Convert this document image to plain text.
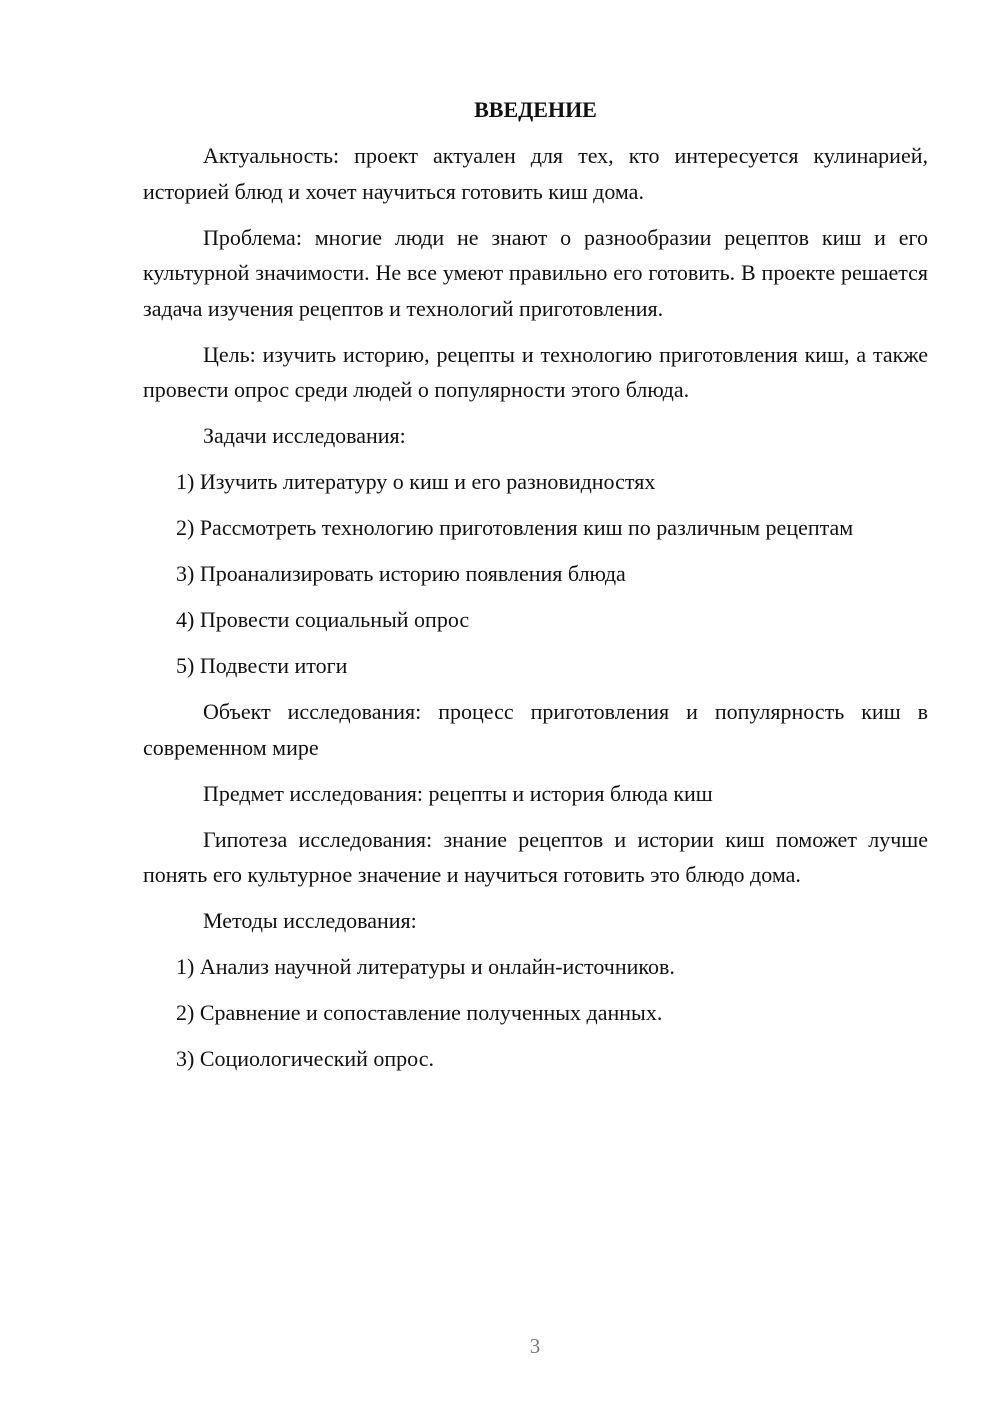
ВВЕДЕНИЕ

Актуальность: проект актуален для тех, кто интересуется кулинарией, историей блюд и хочет научиться готовить киш дома.

Проблема: многие люди не знают о разнообразии рецептов киш и его культурной значимости. Не все умеют правильно его готовить. В проекте решается задача изучения рецептов и технологий приготовления.

Цель: изучить историю, рецепты и технологию приготовления киш, а также провести опрос среди людей о популярности этого блюда.

Задачи исследования:

1) Изучить литературу о киш и его разновидностях

2) Рассмотреть технологию приготовления киш по различным рецептам

3) Проанализировать историю появления блюда

4) Провести социальный опрос

5) Подвести итоги

Объект исследования: процесс приготовления и популярность киш в современном мире

Предмет исследования: рецепты и история блюда киш

Гипотеза исследования: знание рецептов и истории киш поможет лучше понять его культурное значение и научиться готовить это блюдо дома.

Методы исследования:

1) Анализ научной литературы и онлайн-источников.

2) Сравнение и сопоставление полученных данных.

3) Социологический опрос.

3
